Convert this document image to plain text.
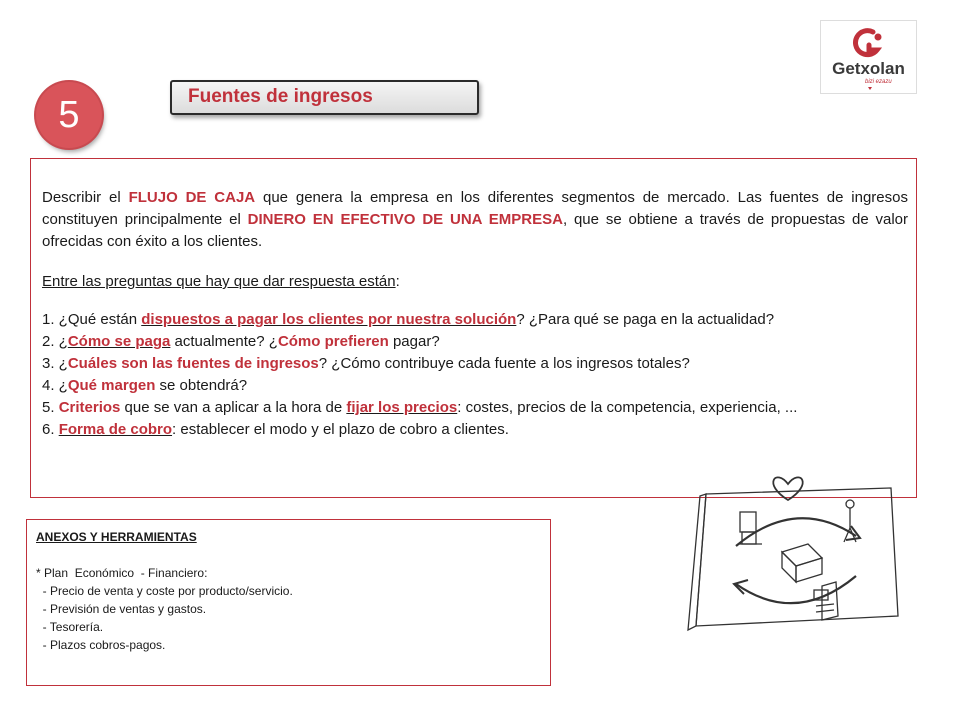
5	Fuentes de ingresos
Getxolan
bizi ezazu

Describir el FLUJO DE CAJA que genera la empresa en los diferentes segmentos de mercado. Las fuentes de ingresos constituyen principalmente el DINERO EN EFECTIVO DE UNA EMPRESA, que se obtiene a través de propuestas de valor ofrecidas con éxito a los clientes.

Entre las preguntas que hay que dar respuesta están:

1. ¿Qué están dispuestos a pagar los clientes por nuestra solución? ¿Para qué se paga en la actualidad?
2. ¿Cómo se paga actualmente? ¿Cómo prefieren pagar?
3. ¿Cuáles son las fuentes de ingresos? ¿Cómo contribuye cada fuente a los ingresos totales?
4. ¿Qué margen se obtendrá?
5. Criterios que se van a aplicar a la hora de fijar los precios: costes, precios de la competencia, experiencia, ...
6. Forma de cobro: establecer el modo y el plazo de cobro a clientes.
ANEXOS Y HERRAMIENTAS

* Plan  Económico  - Financiero:
- Precio de venta y coste por producto/servicio.
- Previsión de ventas y gastos.
- Tesorería.
- Plazos cobros-pagos.
